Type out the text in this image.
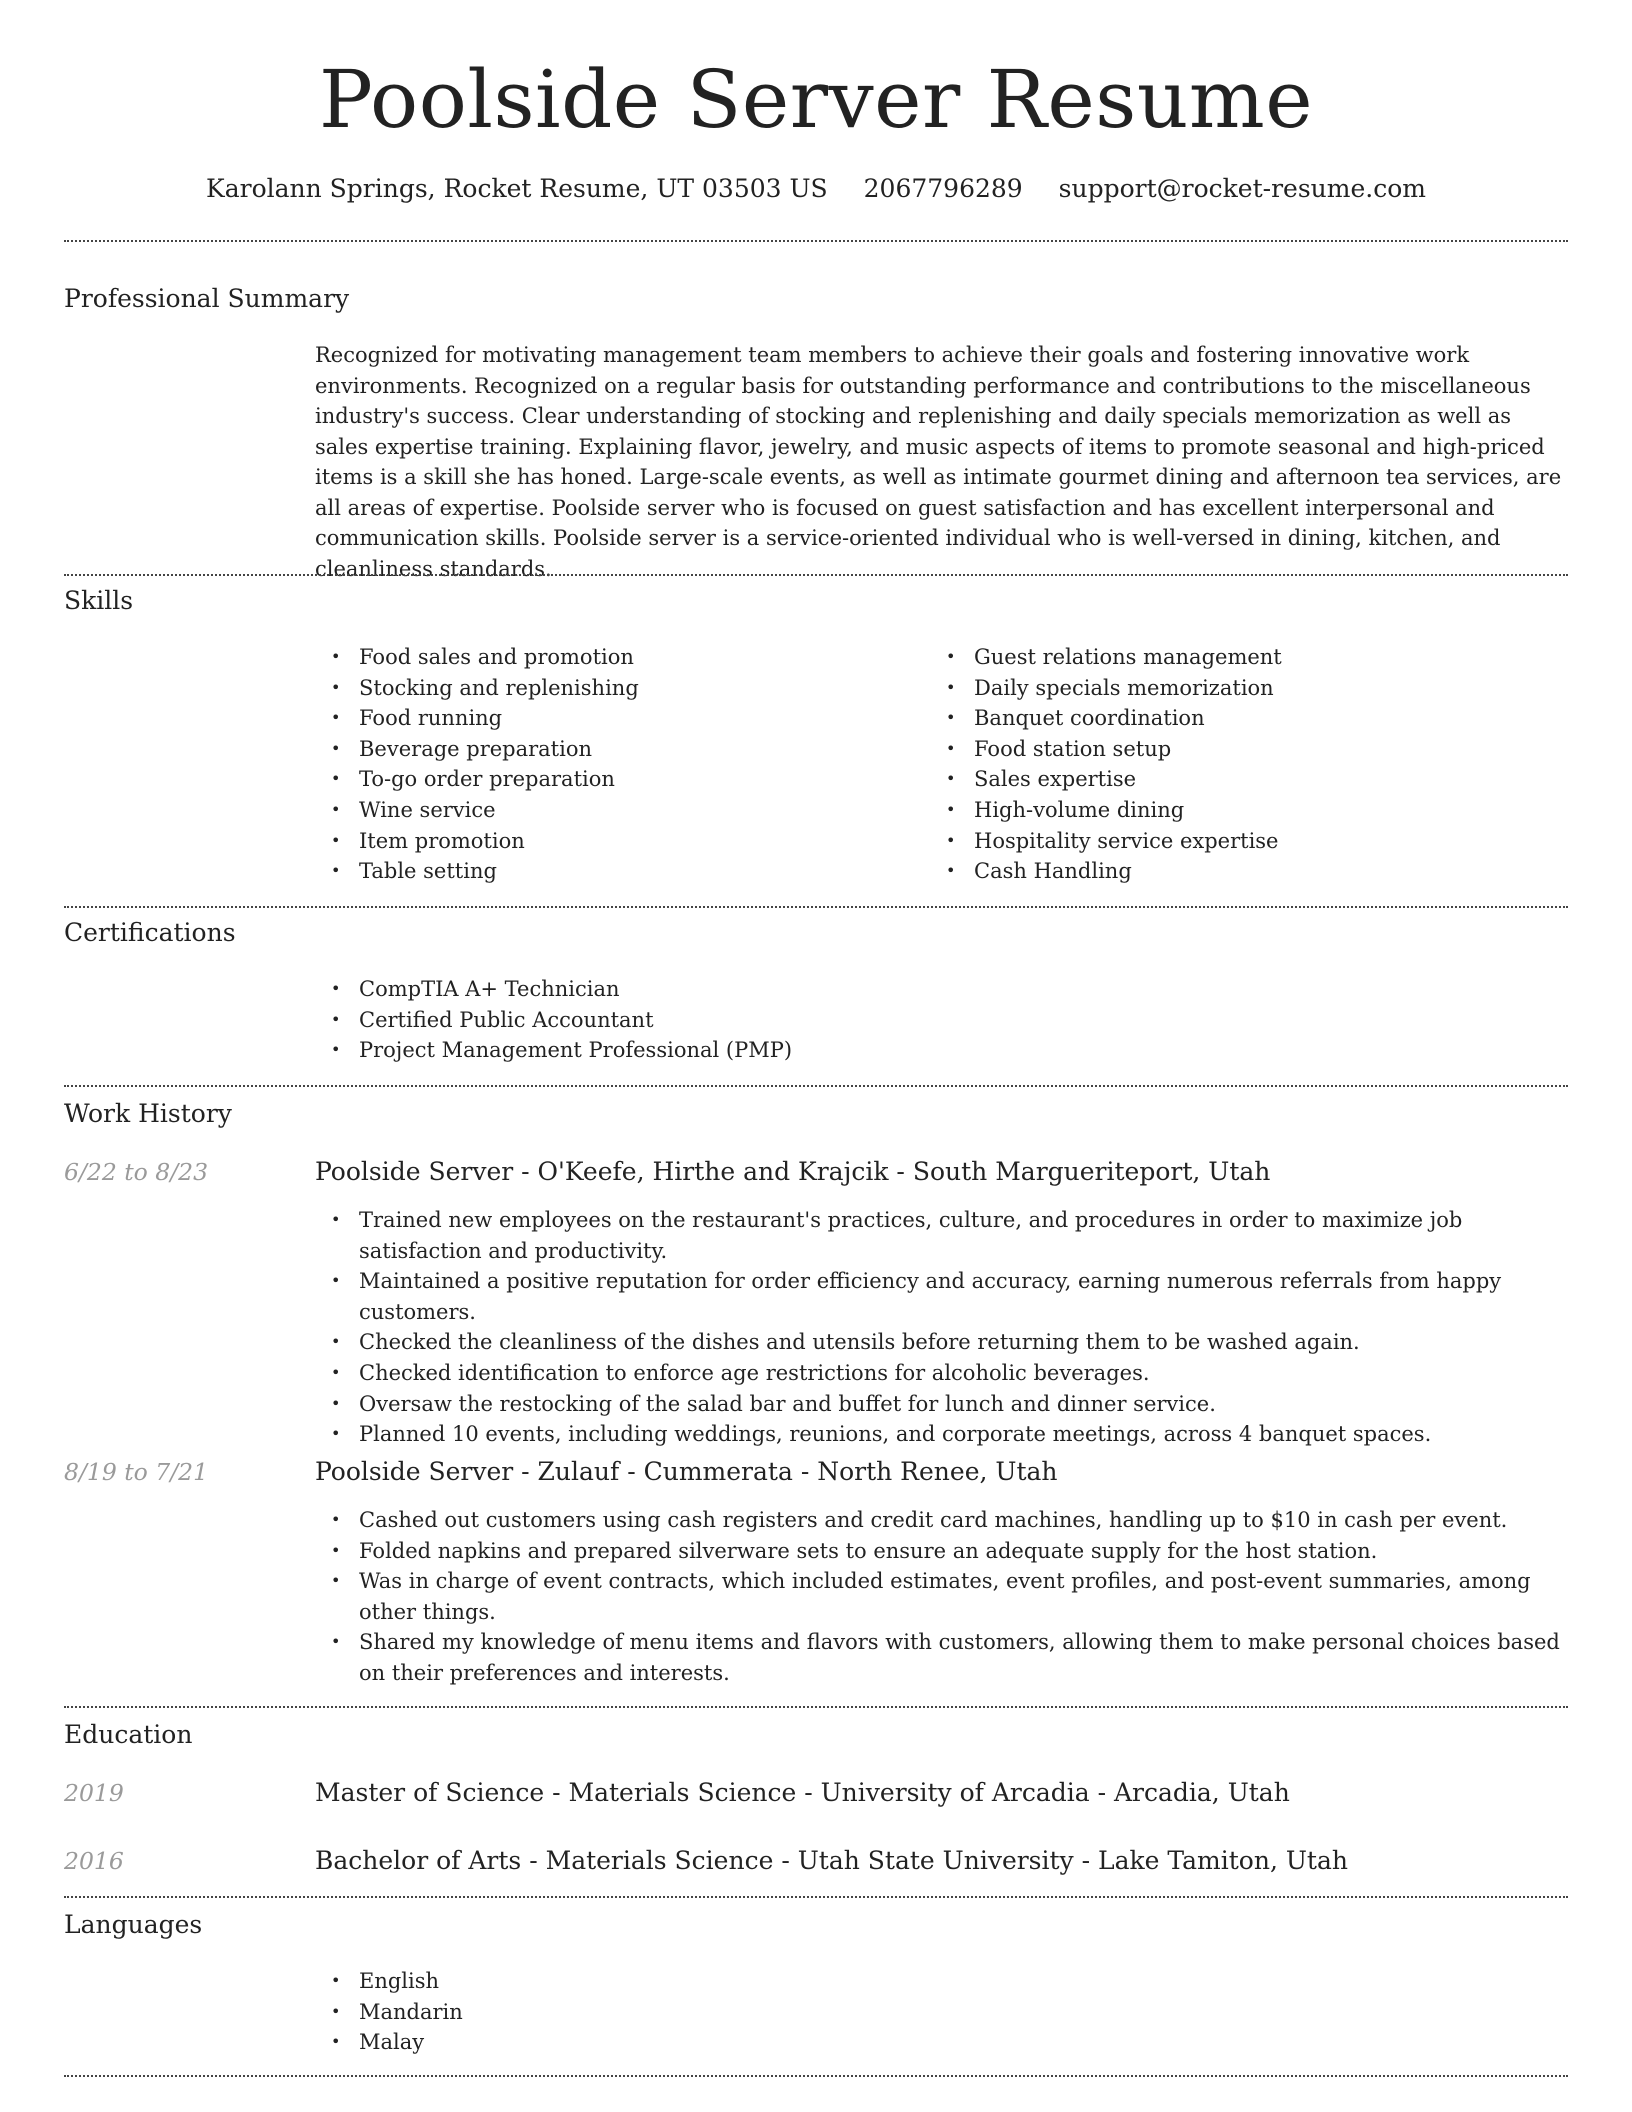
Poolside Server Resume
Karolann Springs, Rocket Resume, UT 03503 US 2067796289 support@rocket-resume.com
Professional Summary

Recognized for motivating management team members to achieve their goals and fostering innovative work environments. Recognized on a regular basis for outstanding performance and contributions to the miscellaneous industry's success. Clear understanding of stocking and replenishing and daily specials memorization as well as sales expertise training. Explaining flavor, jewelry, and music aspects of items to promote seasonal and high-priced items is a skill she has honed. Large-scale events, as well as intimate gourmet dining and afternoon tea services, are all areas of expertise. Poolside server who is focused on guest satisfaction and has excellent interpersonal and communication skills. Poolside server is a service-oriented individual who is well-versed in dining, kitchen, and cleanliness standards.

Skills
• Food sales and promotion
• Stocking and replenishing
• Food running
• Beverage preparation
• To-go order preparation
• Wine service
• Item promotion
• Table setting
• Guest relations management
• Daily specials memorization
• Banquet coordination
• Food station setup
• Sales expertise
• High-volume dining
• Hospitality service expertise
• Cash Handling
Certifications
• CompTIA A+ Technician
• Certified Public Accountant
• Project Management Professional (PMP)
Work History
6/22 to 8/23	Poolside Server - O'Keefe, Hirthe and Krajcik - South Margueriteport, Utah
• Trained new employees on the restaurant's practices, culture, and procedures in order to maximize job satisfaction and productivity.
• Maintained a positive reputation for order efficiency and accuracy, earning numerous referrals from happy customers.
• Checked the cleanliness of the dishes and utensils before returning them to be washed again.
• Checked identification to enforce age restrictions for alcoholic beverages.
• Oversaw the restocking of the salad bar and buffet for lunch and dinner service.
• Planned 10 events, including weddings, reunions, and corporate meetings, across 4 banquet spaces.
8/19 to 7/21	Poolside Server - Zulauf - Cummerata - North Renee, Utah
• Cashed out customers using cash registers and credit card machines, handling up to $10 in cash per event.
• Folded napkins and prepared silverware sets to ensure an adequate supply for the host station.
• Was in charge of event contracts, which included estimates, event profiles, and post-event summaries, among other things.
• Shared my knowledge of menu items and flavors with customers, allowing them to make personal choices based on their preferences and interests.
Education
2019	Master of Science - Materials Science - University of Arcadia - Arcadia, Utah
2016	Bachelor of Arts - Materials Science - Utah State University - Lake Tamiton, Utah
Languages
• English
• Mandarin
• Malay
